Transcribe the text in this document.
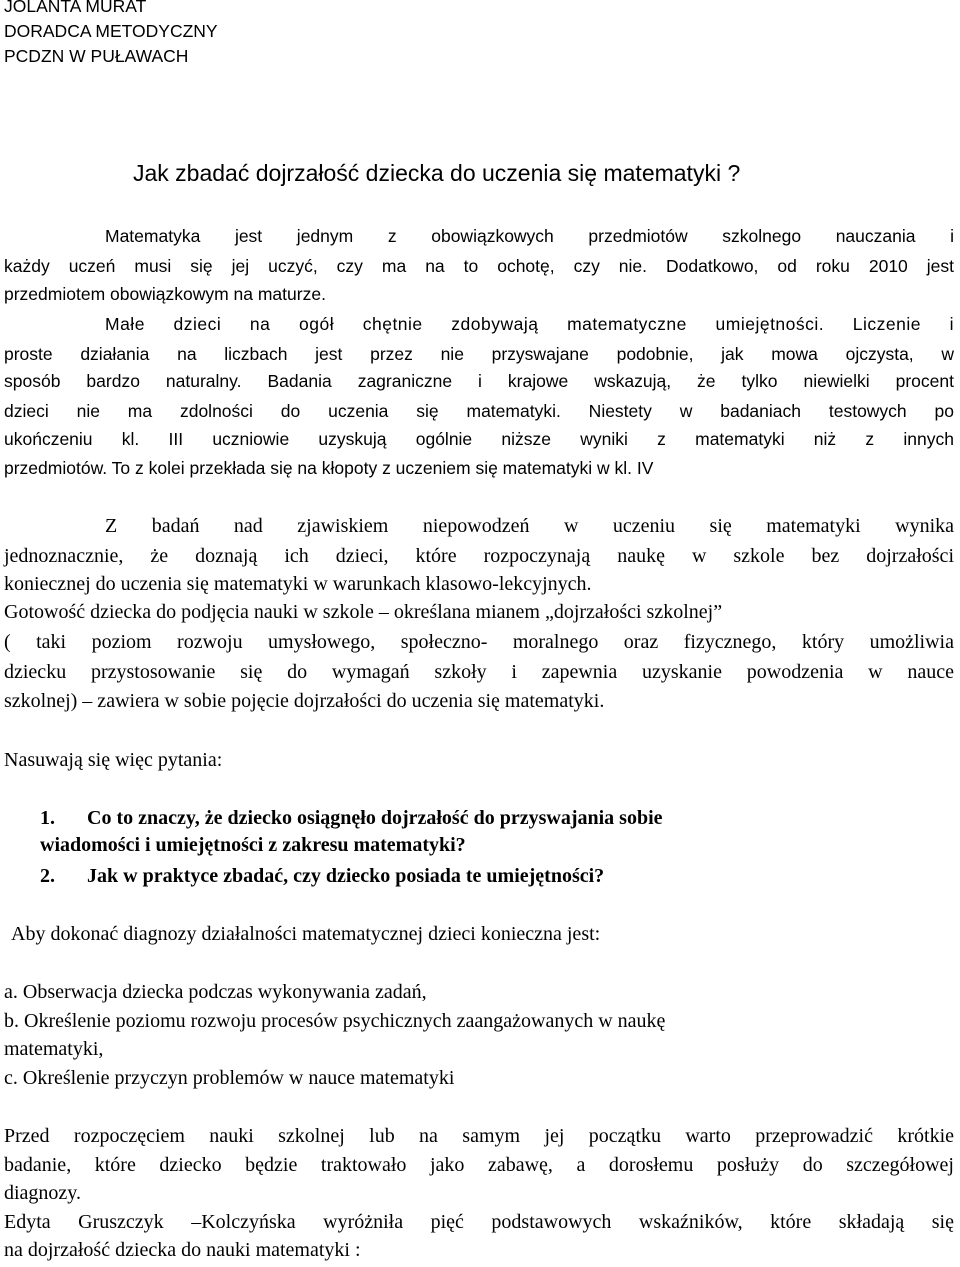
JOLANTA MURAT
DORADCA METODYCZNY
PCDZN W PUŁAWACH
Jak zbadać dojrzałość dziecka do uczenia się matematyki ?
Matematyka jest jednym z obowiązkowych przedmiotów szkolnego nauczania i
każdy uczeń musi się jej uczyć, czy ma na to ochotę, czy nie. Dodatkowo, od roku 2010 jest
przedmiotem obowiązkowym na maturze.
Małe dzieci na ogół chętnie zdobywają matematyczne umiejętności. Liczenie i
proste działania na liczbach jest przez nie przyswajane podobnie, jak mowa ojczysta, w
sposób bardzo naturalny. Badania zagraniczne i krajowe wskazują, że tylko niewielki procent
dzieci nie ma zdolności do uczenia się matematyki. Niestety w badaniach testowych po
ukończeniu kl. III uczniowie uzyskują ogólnie niższe wyniki z matematyki niż z innych
przedmiotów. To z kolei przekłada się na kłopoty z uczeniem się matematyki w kl. IV
Z badań nad zjawiskiem niepowodzeń w uczeniu się matematyki wynika
jednoznacznie, że doznają ich dzieci, które rozpoczynają naukę w szkole bez dojrzałości
koniecznej do uczenia się matematyki w warunkach klasowo-lekcyjnych.
Gotowość dziecka do podjęcia nauki w szkole – określana mianem „dojrzałości szkolnej”
( taki poziom rozwoju umysłowego, społeczno- moralnego oraz fizycznego, który umożliwia
dziecku przystosowanie się do wymagań szkoły i zapewnia uzyskanie powodzenia w nauce
szkolnej) – zawiera w sobie pojęcie dojrzałości do uczenia się matematyki.
Nasuwają się więc pytania:
1. Co to znaczy, że dziecko osiągnęło dojrzałość do przyswajania sobie
wiadomości i umiejętności z zakresu matematyki?
2. Jak w praktyce zbadać, czy dziecko posiada te umiejętności?
Aby dokonać diagnozy działalności matematycznej dzieci konieczna jest:
a. Obserwacja dziecka podczas wykonywania zadań,
b. Określenie poziomu rozwoju procesów psychicznych zaangażowanych w naukę
matematyki,
c. Określenie przyczyn problemów w nauce matematyki
Przed rozpoczęciem nauki szkolnej lub na samym jej początku warto przeprowadzić krótkie
badanie, które dziecko będzie traktowało jako zabawę, a dorosłemu posłuży do szczegółowej
diagnozy.
Edyta Gruszczyk –Kolczyńska wyróżniła pięć podstawowych wskaźników, które składają się
na dojrzałość dziecka do nauki matematyki :
